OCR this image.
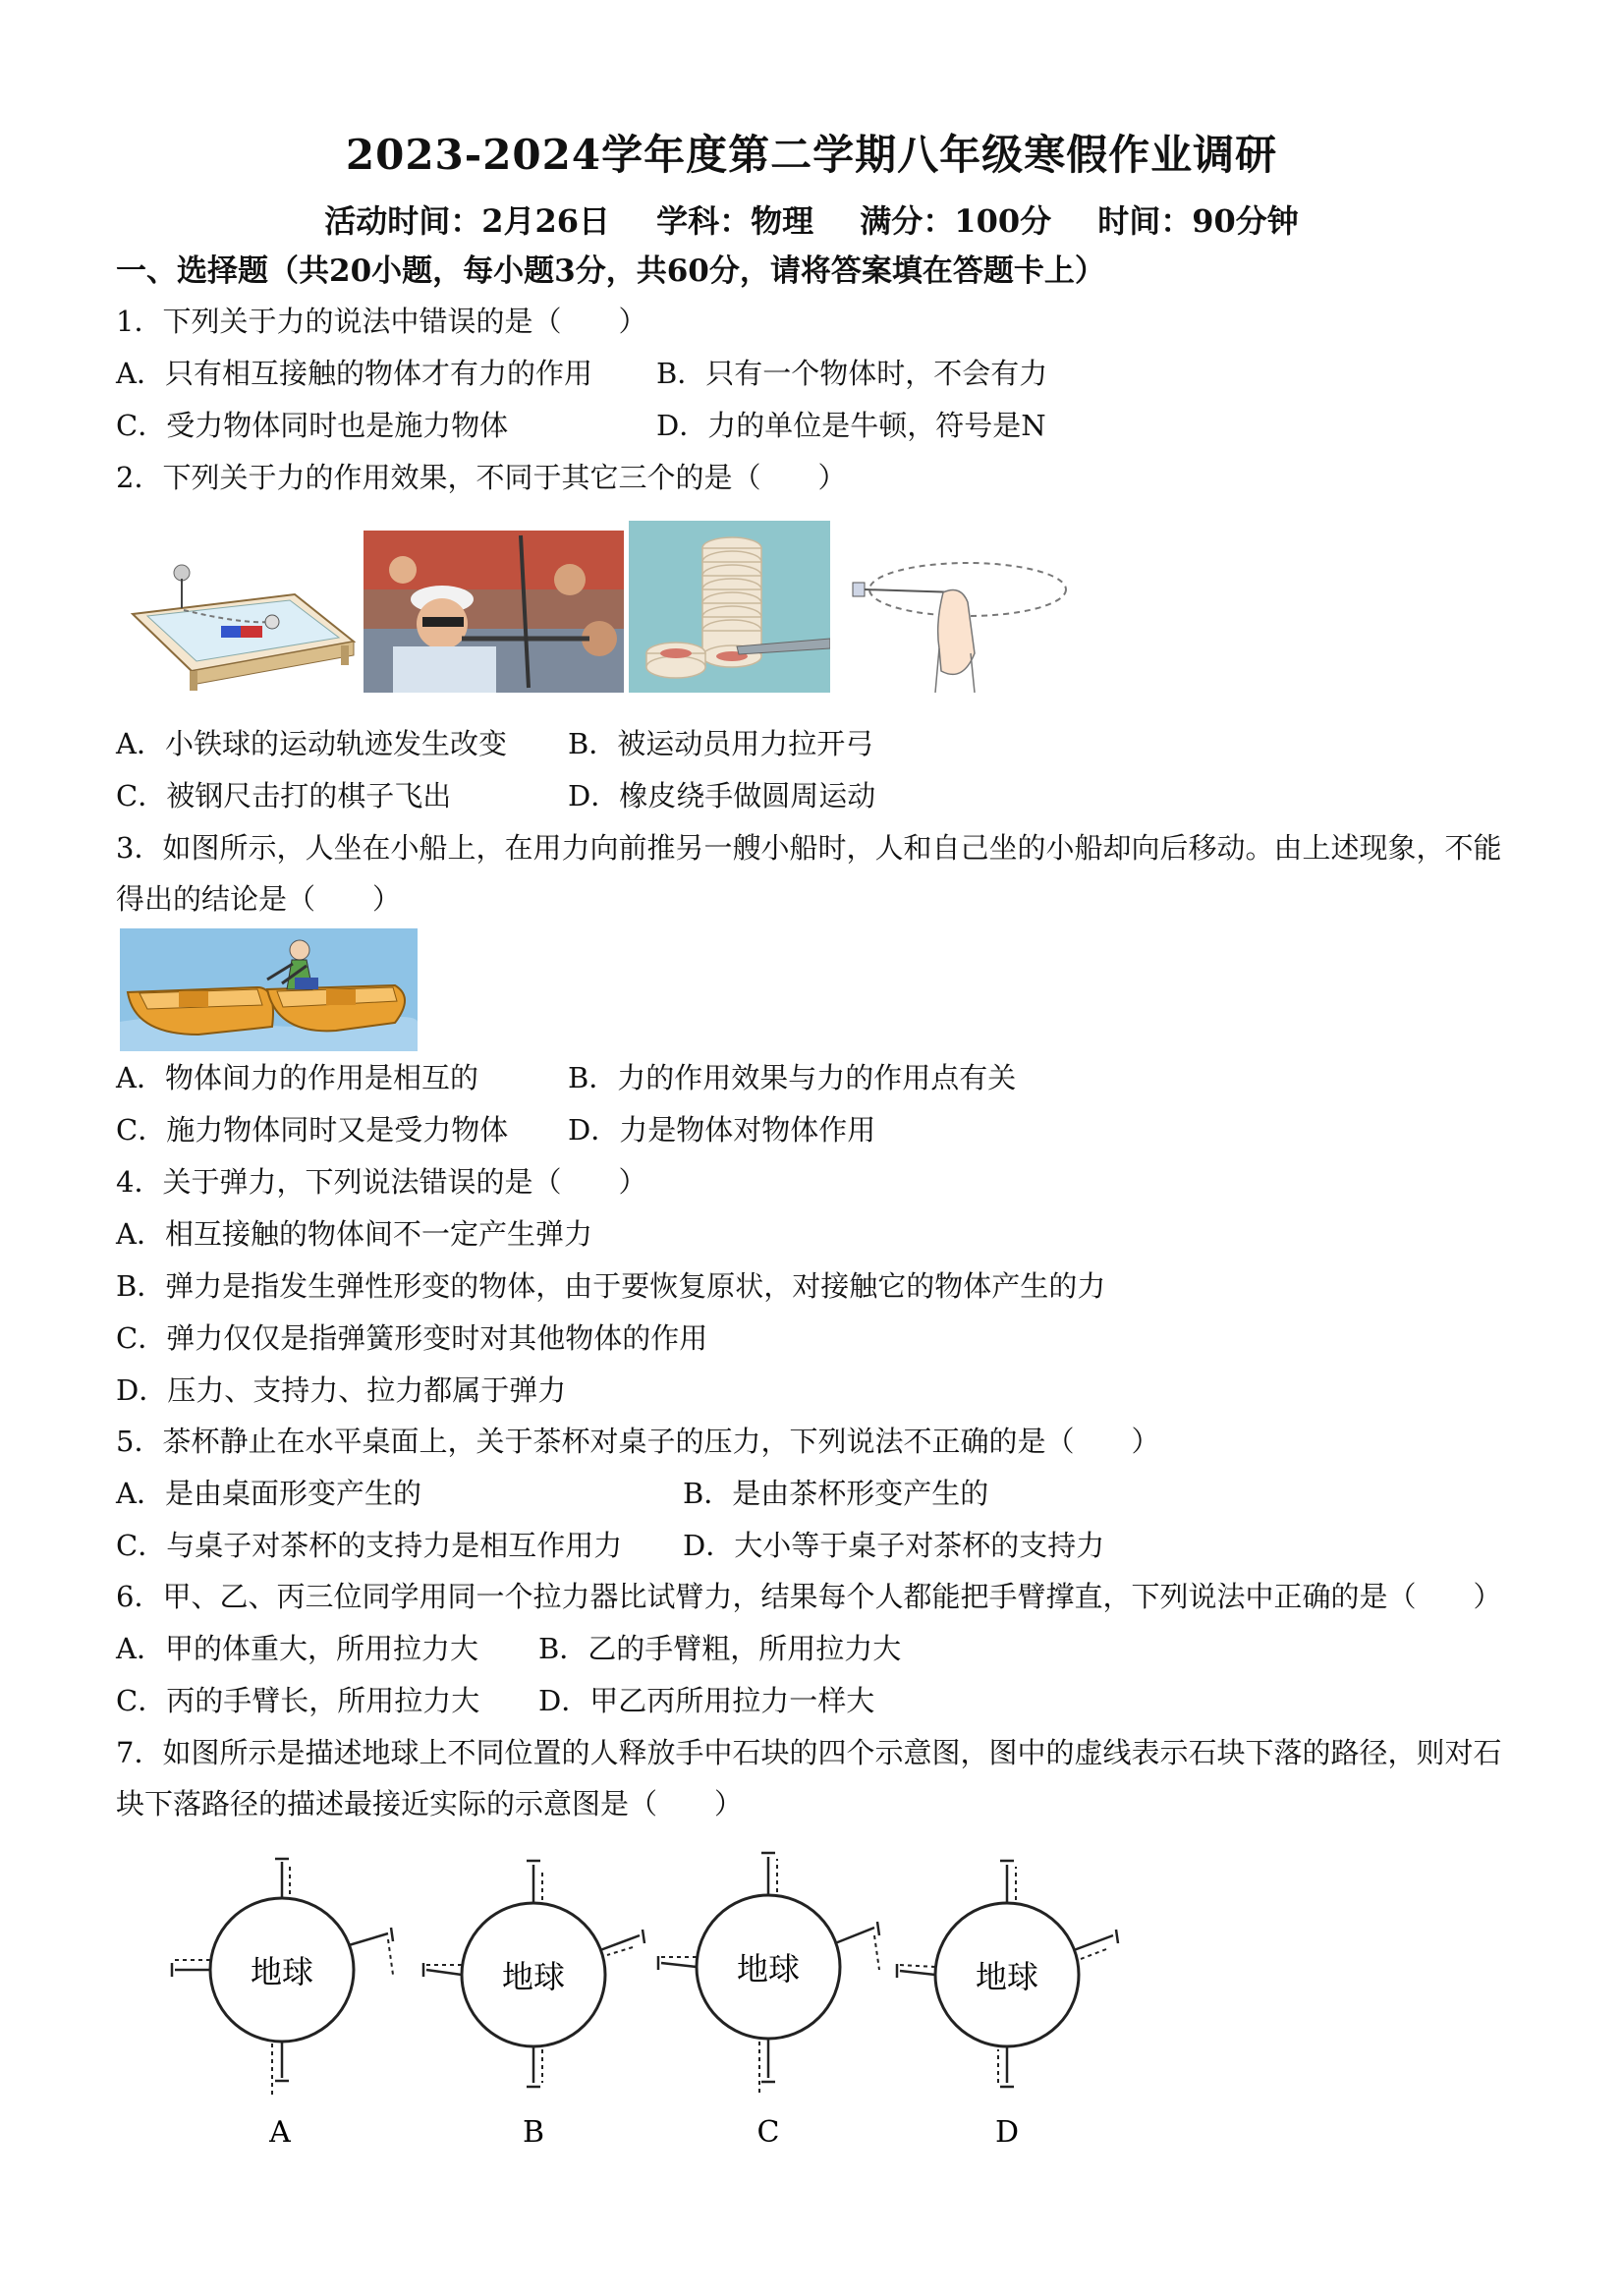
2023-2024学年度第二学期八年级寒假作业调研
活动时间：2月26日 学科：物理 满分：100分 时间：90分钟
一、选择题（共20小题，每小题3分，共60分，请将答案填在答题卡上）
1．下列关于力的说法中错误的是（　　）
A．只有相互接触的物体才有力的作用 B．只有一个物体时，不会有力
C．受力物体同时也是施力物体	D．力的单位是牛顿，符号是N
2．下列关于力的作用效果，不同于其它三个的是（　　）
A．小铁球的运动轨迹发生改变 B．被运动员用力拉开弓
C．被钢尺击打的棋子飞出	D．橡皮绕手做圆周运动
3．如图所示，人坐在小船上，在用力向前推另一艘小船时，人和自己坐的小船却向后移动。由上述现象，不能
得出的结论是（　　）
A．物体间力的作用是相互的	B．力的作用效果与力的作用点有关
C．施力物体同时又是受力物体 D．力是物体对物体作用
4．关于弹力，下列说法错误的是（　　）
A．相互接触的物体间不一定产生弹力
B．弹力是指发生弹性形变的物体，由于要恢复原状，对接触它的物体产生的力
C．弹力仅仅是指弹簧形变时对其他物体的作用
D．压力、支持力、拉力都属于弹力
5．茶杯静止在水平桌面上，关于茶杯对桌子的压力，下列说法不正确的是（　　）
A．是由桌面形变产生的	B．是由茶杯形变产生的
C．与桌子对茶杯的支持力是相互作用力 D．大小等于桌子对茶杯的支持力
6．甲、乙、丙三位同学用同一个拉力器比试臂力，结果每个人都能把手臂撑直，下列说法中正确的是（　　）
A．甲的体重大，所用拉力大 B．乙的手臂粗，所用拉力大
C．丙的手臂长，所用拉力大 D．甲乙丙所用拉力一样大
7．如图所示是描述地球上不同位置的人释放手中石块的四个示意图，图中的虚线表示石块下落的路径，则对石
块下落路径的描述最接近实际的示意图是（　　）
地球
A
地球
B
地球
C
地球
D
